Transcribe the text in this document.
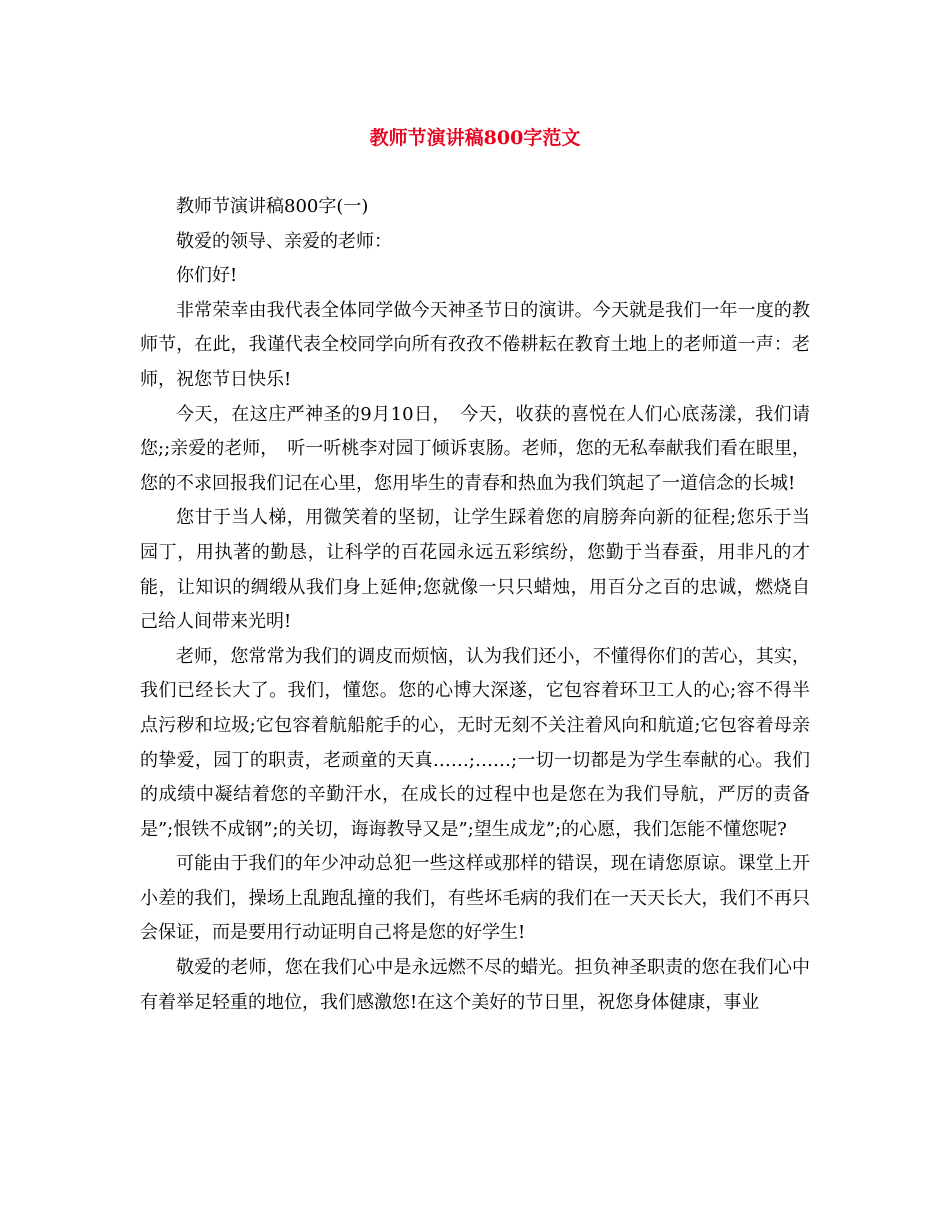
教师节演讲稿800字范文

教师节演讲稿800字(一)

敬爱的领导、亲爱的老师：

你们好!

非常荣幸由我代表全体同学做今天神圣节日的演讲。今天就是我们一年一度的教师节，在此，我谨代表全校同学向所有孜孜不倦耕耘在教育土地上的老师道一声：老师，祝您节日快乐!

今天，在这庄严神圣的9月10日，　今天，收获的喜悦在人们心底荡漾，我们请您;;亲爱的老师，　听一听桃李对园丁倾诉衷肠。老师，您的无私奉献我们看在眼里，您的不求回报我们记在心里，您用毕生的青春和热血为我们筑起了一道信念的长城!

您甘于当人梯，用微笑着的坚韧，让学生踩着您的肩膀奔向新的征程;您乐于当园丁，用执著的勤恳，让科学的百花园永远五彩缤纷，您勤于当春蚕，用非凡的才能，让知识的绸缎从我们身上延伸;您就像一只只蜡烛，用百分之百的忠诚，燃烧自己给人间带来光明!

老师，您常常为我们的调皮而烦恼，认为我们还小，不懂得你们的苦心，其实，我们已经长大了。我们，懂您。您的心博大深遂，它包容着环卫工人的心;容不得半点污秽和垃圾;它包容着航船舵手的心，无时无刻不关注着风向和航道;它包容着母亲的挚爱，园丁的职责，老顽童的天真……;……;一切一切都是为学生奉献的心。我们的成绩中凝结着您的辛勤汗水，在成长的过程中也是您在为我们导航，严厉的责备是”;恨铁不成钢”;的关切，诲诲教导又是”;望生成龙”;的心愿，我们怎能不懂您呢?

可能由于我们的年少冲动总犯一些这样或那样的错误，现在请您原谅。课堂上开小差的我们，操场上乱跑乱撞的我们，有些坏毛病的我们在一天天长大，我们不再只会保证，而是要用行动证明自己将是您的好学生!

敬爱的老师，您在我们心中是永远燃不尽的蜡光。担负神圣职责的您在我们心中有着举足轻重的地位，我们感激您!在这个美好的节日里，祝您身体健康，事业
